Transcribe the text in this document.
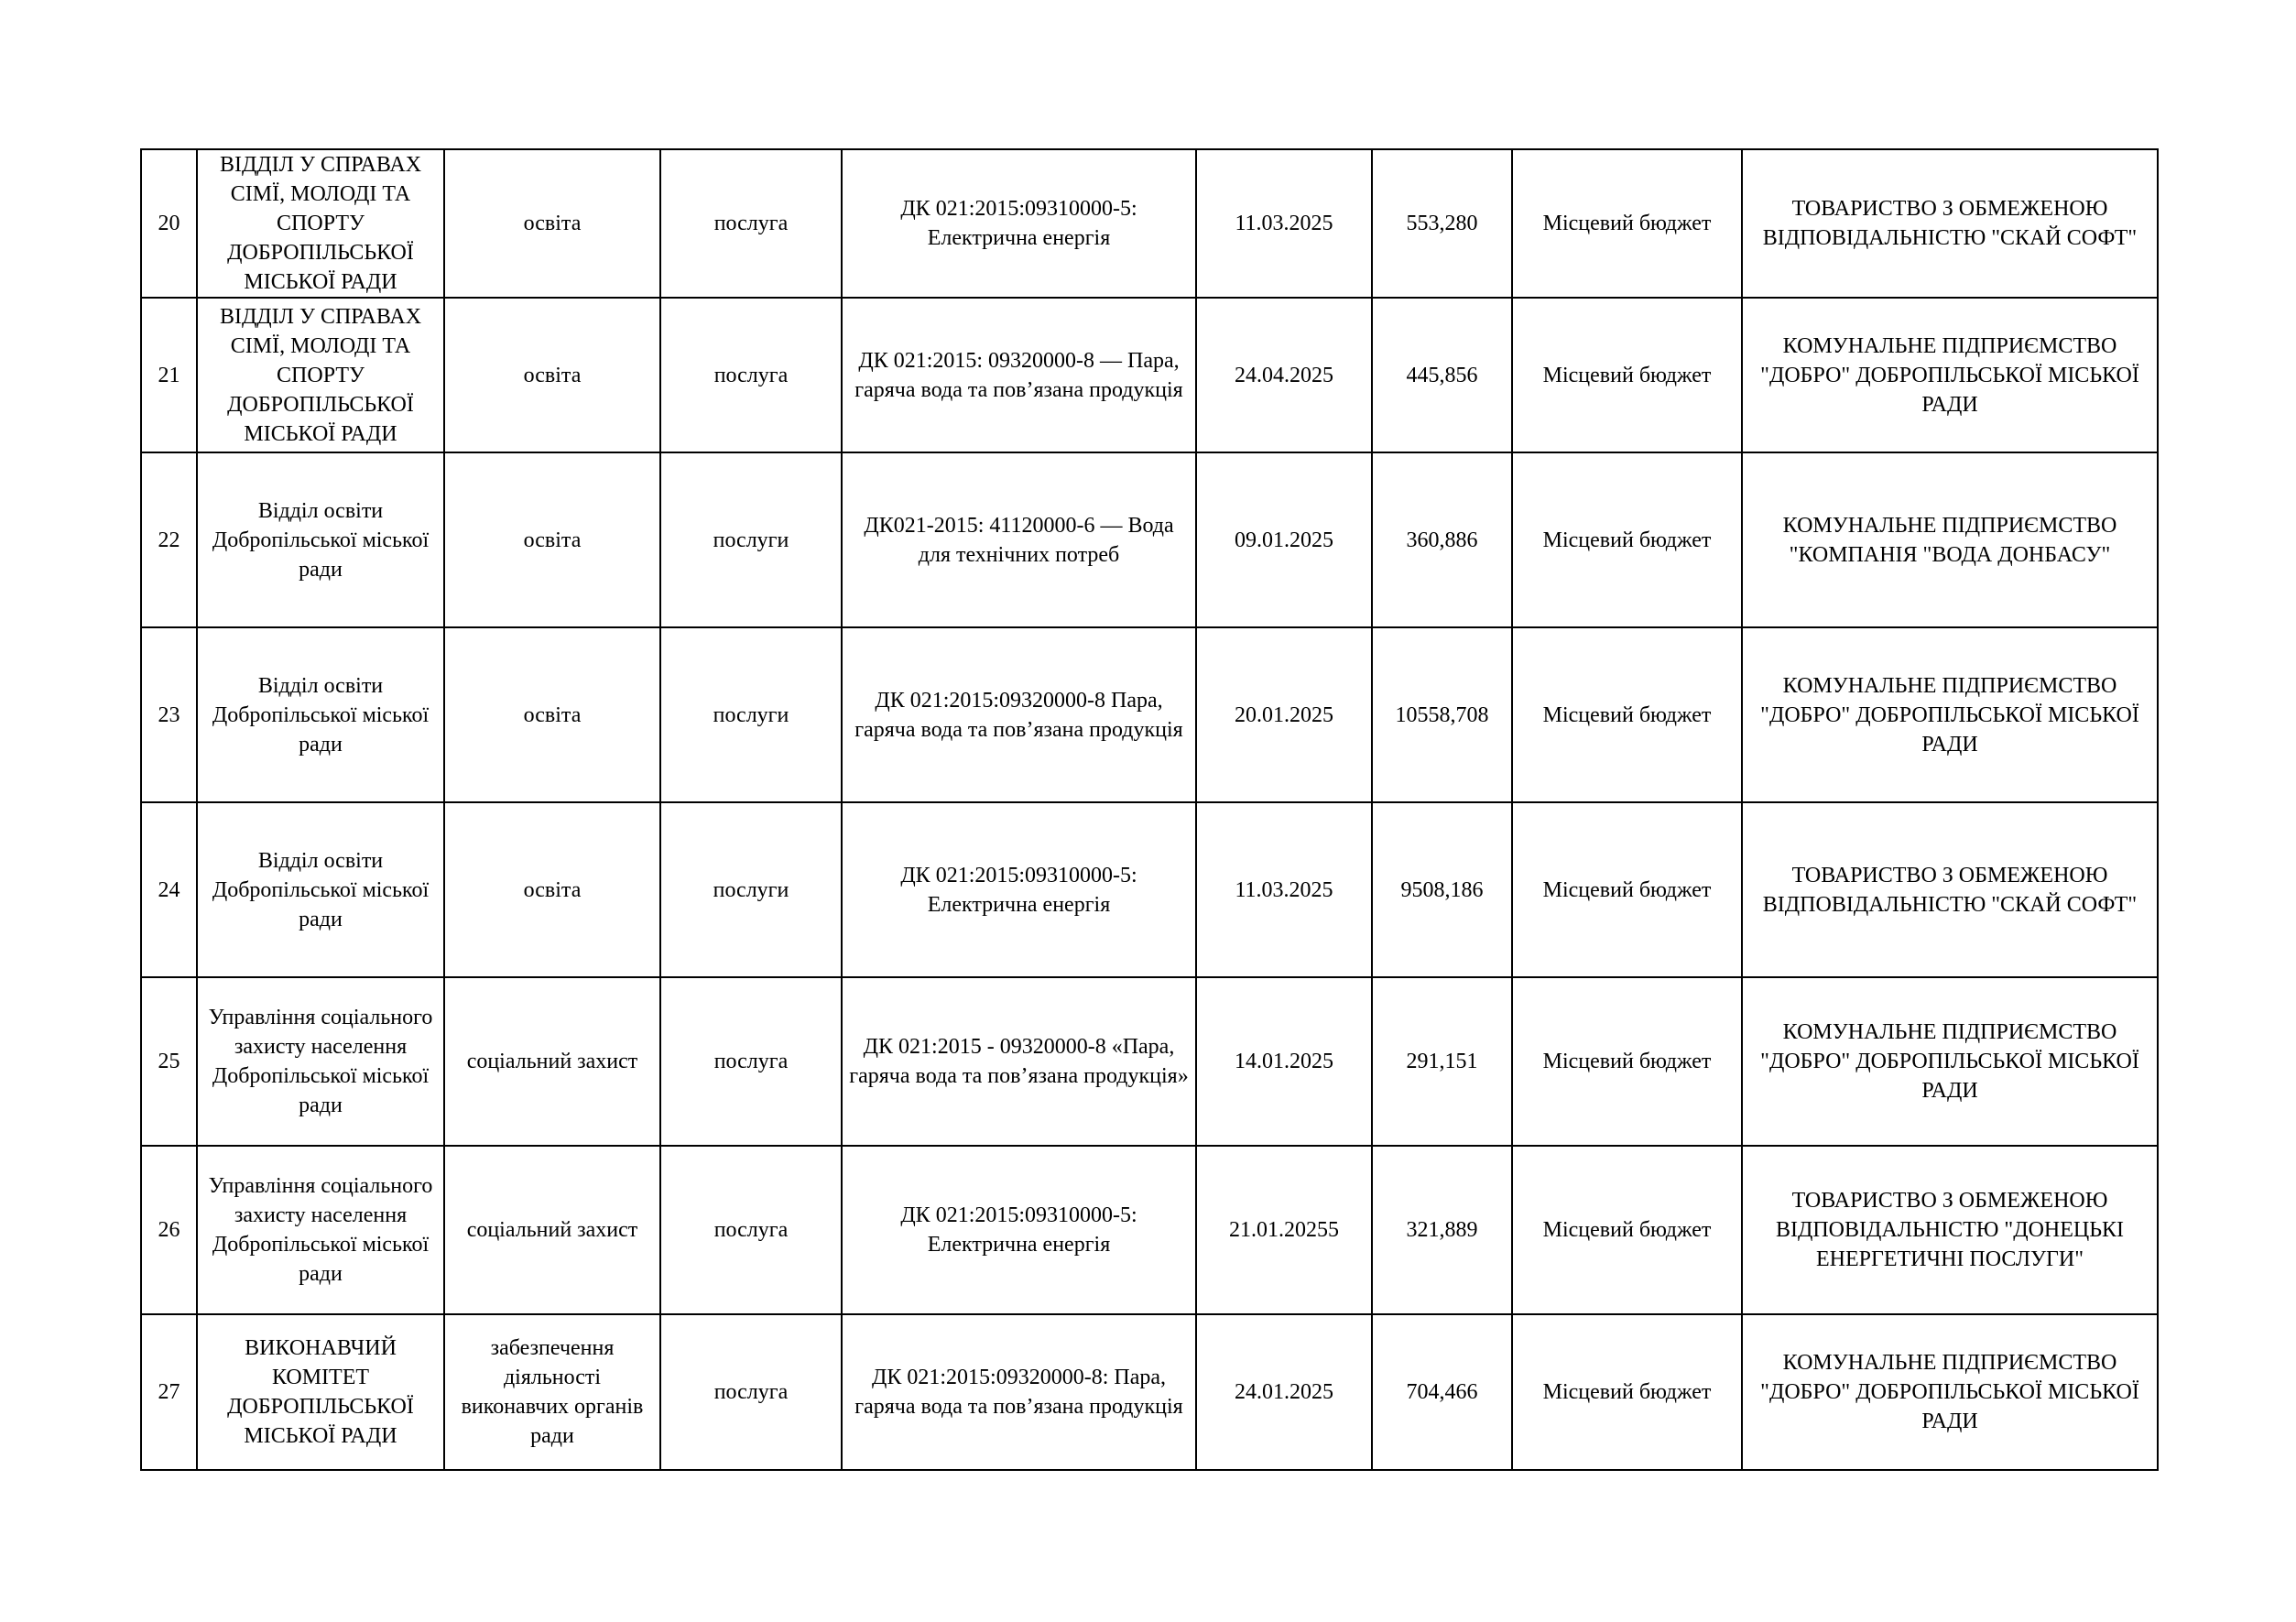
20	ВІДДІЛ У СПРАВАХ СІМЇ, МОЛОДІ ТА СПОРТУ ДОБРОПІЛЬСЬКОЇ МІСЬКОЇ РАДИ	освіта	послуга	ДК 021:2015:09310000-5: Електрична енергія	11.03.2025	553,280	Місцевий бюджет	ТОВАРИСТВО З ОБМЕЖЕНОЮ ВІДПОВІДАЛЬНІСТЮ "СКАЙ СОФТ"
21	ВІДДІЛ У СПРАВАХ СІМЇ, МОЛОДІ ТА СПОРТУ ДОБРОПІЛЬСЬКОЇ МІСЬКОЇ РАДИ	освіта	послуга	ДК 021:2015: 09320000-8 — Пара, гаряча вода та пов’язана продукція	24.04.2025	445,856	Місцевий бюджет	КОМУНАЛЬНЕ ПІДПРИЄМСТВО "ДОБРО" ДОБРОПІЛЬСЬКОЇ МІСЬКОЇ РАДИ
22	Відділ освіти Добропільської міської ради	освіта	послуги	ДК021-2015: 41120000-6 — Вода для технічних потреб	09.01.2025	360,886	Місцевий бюджет	КОМУНАЛЬНЕ ПІДПРИЄМСТВО "КОМПАНІЯ "ВОДА ДОНБАСУ"
23	Відділ освіти Добропільської міської ради	освіта	послуги	ДК 021:2015:09320000-8 Пара, гаряча вода та пов’язана продукція	20.01.2025	10558,708	Місцевий бюджет	КОМУНАЛЬНЕ ПІДПРИЄМСТВО "ДОБРО" ДОБРОПІЛЬСЬКОЇ МІСЬКОЇ РАДИ
24	Відділ освіти Добропільської міської ради	освіта	послуги	ДК 021:2015:09310000-5: Електрична енергія	11.03.2025	9508,186	Місцевий бюджет	ТОВАРИСТВО З ОБМЕЖЕНОЮ ВІДПОВІДАЛЬНІСТЮ "СКАЙ СОФТ"
25	Управління соціального захисту населення Добропільської міської ради	соціальний захист	послуга	ДК 021:2015 - 09320000-8 «Пара, гаряча вода та пов’язана продукція»	14.01.2025	291,151	Місцевий бюджет	КОМУНАЛЬНЕ ПІДПРИЄМСТВО "ДОБРО" ДОБРОПІЛЬСЬКОЇ МІСЬКОЇ РАДИ
26	Управління соціального захисту населення Добропільської міської ради	соціальний захист	послуга	ДК 021:2015:09310000-5: Електрична енергія	21.01.20255	321,889	Місцевий бюджет	ТОВАРИСТВО З ОБМЕЖЕНОЮ ВІДПОВІДАЛЬНІСТЮ "ДОНЕЦЬКІ ЕНЕРГЕТИЧНІ ПОСЛУГИ"
27	ВИКОНАВЧИЙ КОМІТЕТ ДОБРОПІЛЬСЬКОЇ МІСЬКОЇ РАДИ	забезпечення діяльності виконавчих органів ради	послуга	ДК 021:2015:09320000-8: Пара, гаряча вода та пов’язана продукція	24.01.2025	704,466	Місцевий бюджет	КОМУНАЛЬНЕ ПІДПРИЄМСТВО "ДОБРО" ДОБРОПІЛЬСЬКОЇ МІСЬКОЇ РАДИ
